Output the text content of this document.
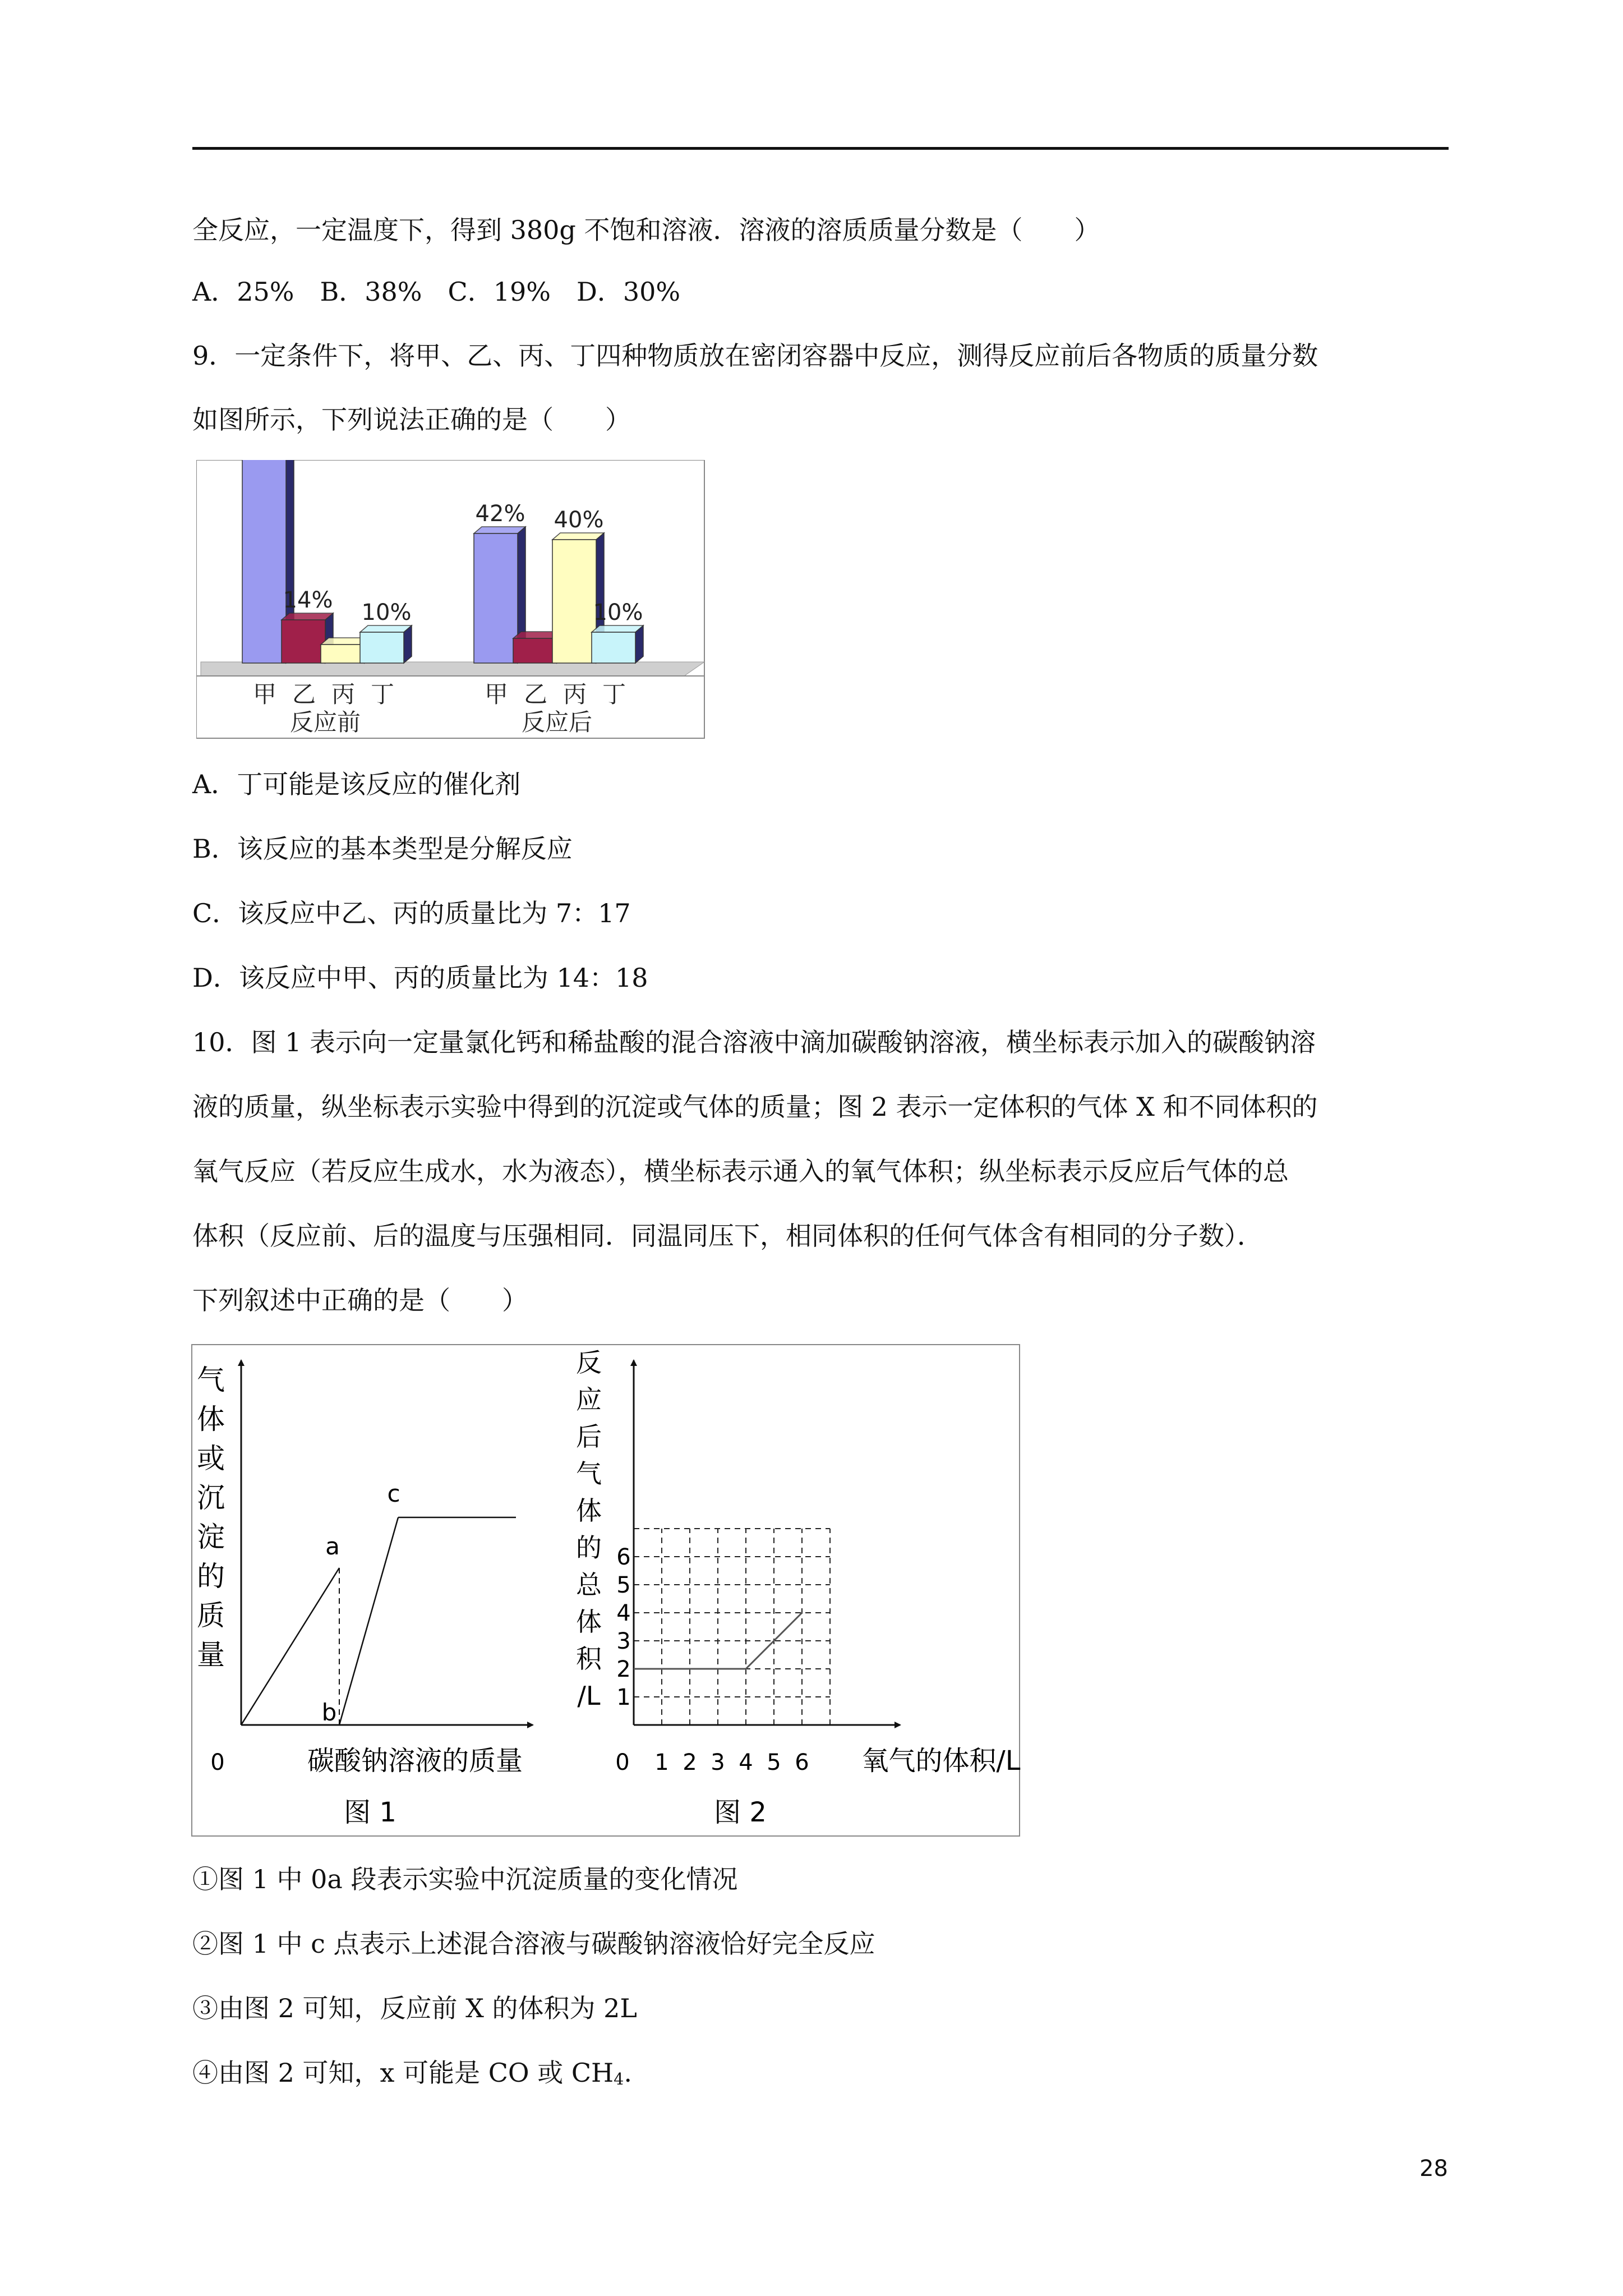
全反应，一定温度下，得到 380g 不饱和溶液．溶液的溶质质量分数是（　　）
A．25%　B．38%　C．19%　D．30%
9．一定条件下，将甲、乙、丙、丁四种物质放在密闭容器中反应，测得反应前后各物质的质量分数
如图所示，下列说法正确的是（　　）
14% 10%
甲 乙 丙 丁
反应前
42% 40%
10%
甲 乙 丙 丁
反应后
A．丁可能是该反应的催化剂
B．该反应的基本类型是分解反应
C．该反应中乙、丙的质量比为 7：17
D．该反应中甲、丙的质量比为 14：18
10．图 1 表示向一定量氯化钙和稀盐酸的混合溶液中滴加碳酸钠溶液，横坐标表示加入的碳酸钠溶
液的质量，纵坐标表示实验中得到的沉淀或气体的质量；图 2 表示一定体积的气体 X 和不同体积的
氧气反应（若反应生成水，水为液态），横坐标表示通入的氧气体积；纵坐标表示反应后气体的总
体积（反应前、后的温度与压强相同．同温同压下，相同体积的任何气体含有相同的分子数）．
下列叙述中正确的是（　　）
气
体
或
沉
淀
的
质
量
0	碳酸钠溶液的质量
图 1
a
b
c
反
应
后
气
体
的
总
体
积
/L
0 1 2 3 4 5 6
1
2
3
4
5
6
氧气的体积/L
图 2
①图 1 中 0a 段表示实验中沉淀质量的变化情况
②图 1 中 c 点表示上述混合溶液与碳酸钠溶液恰好完全反应
③由图 2 可知，反应前 X 的体积为 2L
④由图 2 可知，x 可能是 CO 或 $CH_4$.
28
